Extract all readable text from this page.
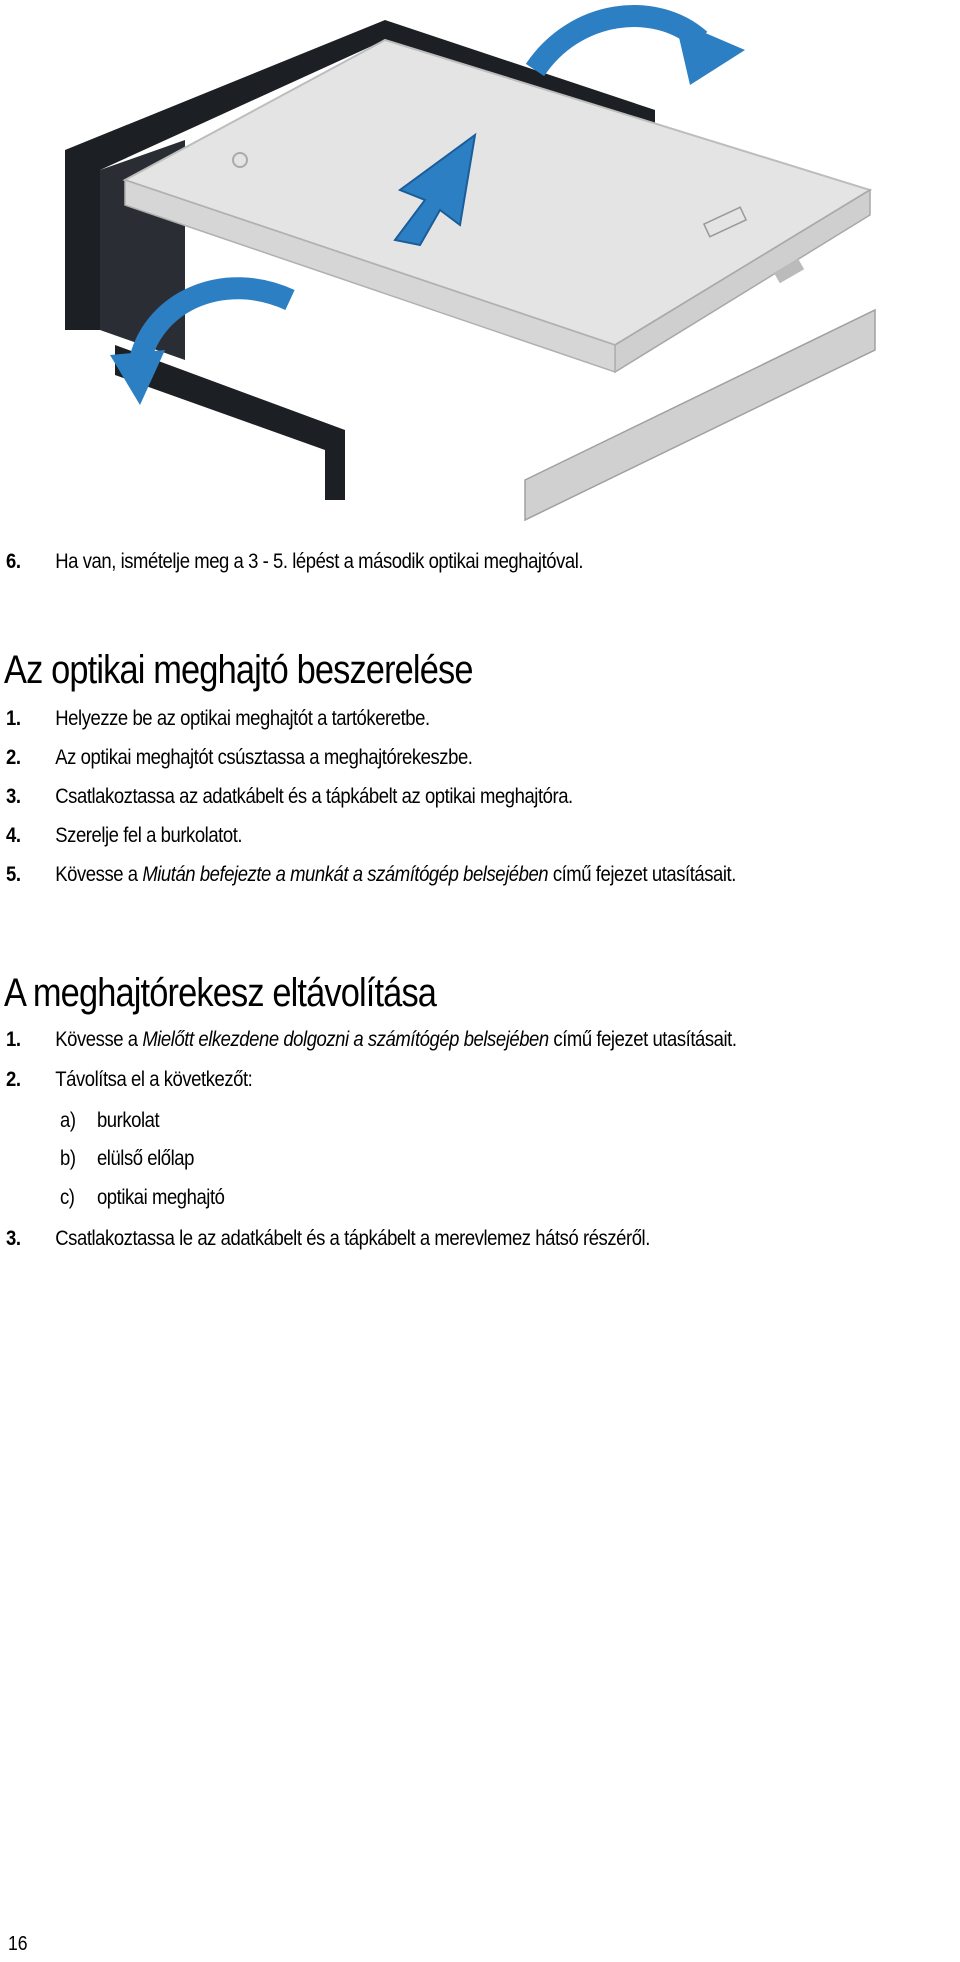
6. Ha van, ismételje meg a 3 - 5. lépést a második optikai meghajtóval.
Az optikai meghajtó beszerelése
1. Helyezze be az optikai meghajtót a tartókeretbe.
2. Az optikai meghajtót csúsztassa a meghajtórekeszbe.
3. Csatlakoztassa az adatkábelt és a tápkábelt az optikai meghajtóra.
4. Szerelje fel a burkolatot.
5. Kövesse a Miután befejezte a munkát a számítógép belsejében című fejezet utasításait.
A meghajtórekesz eltávolítása
1. Kövesse a Mielőtt elkezdene dolgozni a számítógép belsejében című fejezet utasításait.
2. Távolítsa el a következőt:
a) burkolat
b) elülső előlap
c) optikai meghajtó
3. Csatlakoztassa le az adatkábelt és a tápkábelt a merevlemez hátsó részéről.
16
